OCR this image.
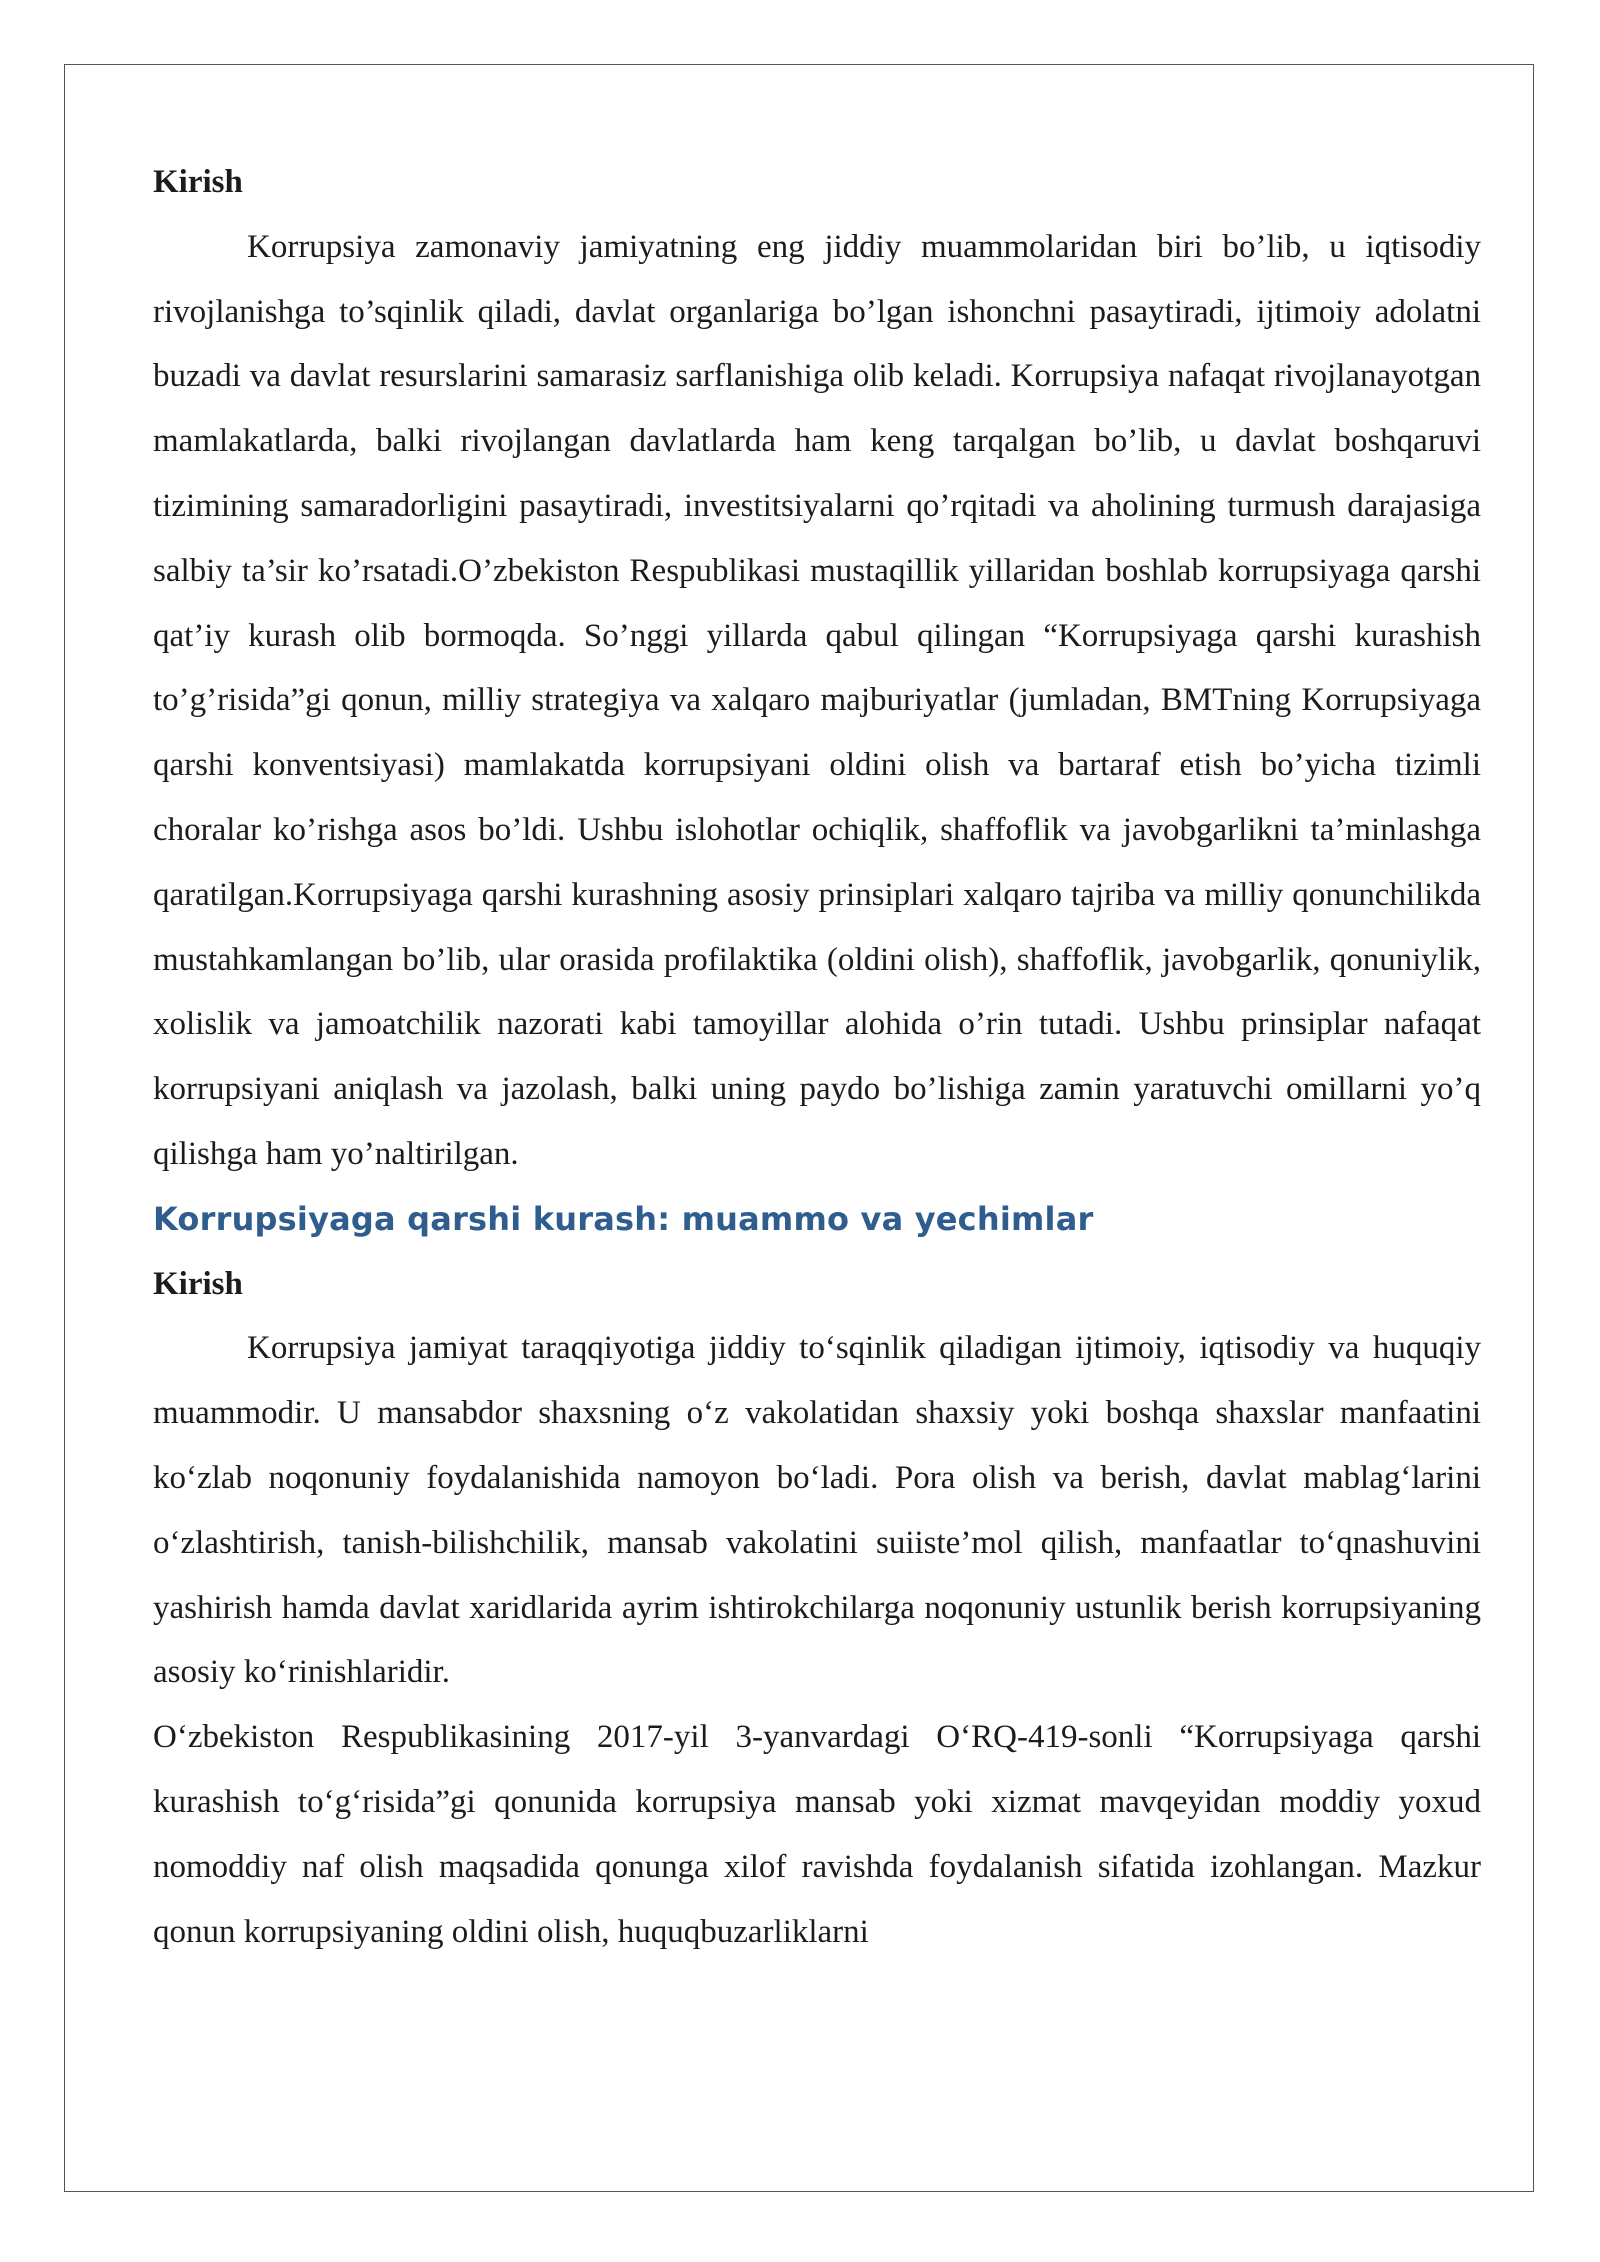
Kirish

Korrupsiya zamonaviy jamiyatning eng jiddiy muammolaridan biri bo’lib, u iqtisodiy rivojlanishga to’sqinlik qiladi, davlat organlariga bo’lgan ishonchni pasaytiradi, ijtimoiy adolatni buzadi va davlat resurslarini samarasiz sarflanishiga olib keladi. Korrupsiya nafaqat rivojlanayotgan mamlakatlarda, balki rivojlangan davlatlarda ham keng tarqalgan bo’lib, u davlat boshqaruvi tizimining samaradorligini pasaytiradi, investitsiyalarni qo’rqitadi va aholining turmush darajasiga salbiy ta’sir ko’rsatadi.O’zbekiston Respublikasi mustaqillik yillaridan boshlab korrupsiyaga qarshi qat’iy kurash olib bormoqda. So’nggi yillarda qabul qilingan “Korrupsiyaga qarshi kurashish to’g’risida”gi qonun, milliy strategiya va xalqaro majburiyatlar (jumladan, BMTning Korrupsiyaga qarshi konventsiyasi) mamlakatda korrupsiyani oldini olish va bartaraf etish bo’yicha tizimli choralar ko’rishga asos bo’ldi. Ushbu islohotlar ochiqlik, shaffoflik va javobgarlikni ta’minlashga qaratilgan.Korrupsiyaga qarshi kurashning asosiy prinsiplari xalqaro tajriba va milliy qonunchilikda mustahkamlangan bo’lib, ular orasida profilaktika (oldini olish), shaffoflik, javobgarlik, qonuniylik, xolislik va jamoatchilik nazorati kabi tamoyillar alohida o’rin tutadi. Ushbu prinsiplar nafaqat korrupsiyani aniqlash va jazolash, balki uning paydo bo’lishiga zamin yaratuvchi omillarni yo’q qilishga ham yo’naltirilgan.

Korrupsiyaga qarshi kurash: muammo va yechimlar

Kirish

Korrupsiya jamiyat taraqqiyotiga jiddiy to‘sqinlik qiladigan ijtimoiy, iqtisodiy va huquqiy muammodir. U mansabdor shaxsning o‘z vakolatidan shaxsiy yoki boshqa shaxslar manfaatini ko‘zlab noqonuniy foydalanishida namoyon bo‘ladi. Pora olish va berish, davlat mablag‘larini o‘zlashtirish, tanish-bilishchilik, mansab vakolatini suiiste’mol qilish, manfaatlar to‘qnashuvini yashirish hamda davlat xaridlarida ayrim ishtirokchilarga noqonuniy ustunlik berish korrupsiyaning asosiy ko‘rinishlaridir.

O‘zbekiston Respublikasining 2017-yil 3-yanvardagi O‘RQ-419-sonli “Korrupsiyaga qarshi kurashish to‘g‘risida”gi qonunida korrupsiya mansab yoki xizmat mavqeyidan moddiy yoxud nomoddiy naf olish maqsadida qonunga xilof ravishda foydalanish sifatida izohlangan. Mazkur qonun korrupsiyaning oldini olish, huquqbuzarliklarni
